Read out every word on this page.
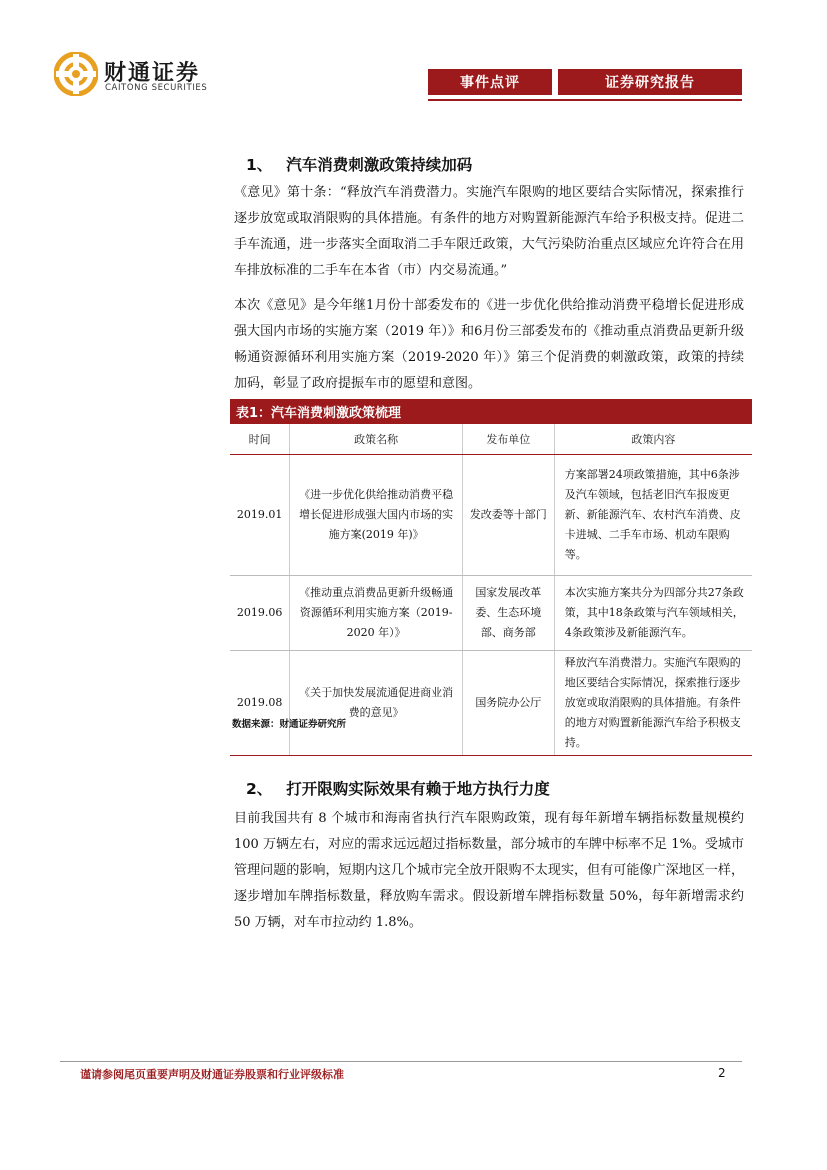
财通证券
CAITONG SECURITIES	事件点评	证券研究报告
1、 汽车消费刺激政策持续加码

《意见》第十条：“释放汽车消费潜力。实施汽车限购的地区要结合实际情况，探索推行逐步放宽或取消限购的具体措施。有条件的地方对购置新能源汽车给予积极支持。促进二手车流通，进一步落实全面取消二手车限迁政策，大气污染防治重点区域应允许符合在用车排放标准的二手车在本省（市）内交易流通。”

本次《意见》是今年继1月份十部委发布的《进一步优化供给推动消费平稳增长促进形成强大国内市场的实施方案（2019 年）》和6月份三部委发布的《推动重点消费品更新升级 畅通资源循环利用实施方案（2019-2020 年）》第三个促消费的刺激政策，政策的持续加码，彰显了政府提振车市的愿望和意图。

表1：汽车消费刺激政策梳理
时间	政策名称	发布单位	政策内容
2019.01	《进一步优化供给推动消费平稳增长促进形成强大国内市场的实施方案(2019 年)》	发改委等十部门	方案部署24项政策措施，其中6条涉及汽车领域，包括老旧汽车报废更新、新能源汽车、农村汽车消费、皮卡进城、二手车市场、机动车限购等。
2019.06	《推动重点消费品更新升级畅通资源循环利用实施方案（2019-2020 年）》	国家发展改革委、生态环境部、商务部	本次实施方案共分为四部分共27条政策，其中18条政策与汽车领域相关，4条政策涉及新能源汽车。
2019.08	《关于加快发展流通促进商业消费的意见》	国务院办公厅	释放汽车消费潜力。实施汽车限购的地区要结合实际情况，探索推行逐步放宽或取消限购的具体措施。有条件的地方对购置新能源汽车给予积极支持。
数据来源：财通证券研究所
2、 打开限购实际效果有赖于地方执行力度

目前我国共有 8 个城市和海南省执行汽车限购政策，现有每年新增车辆指标数量规模约 100 万辆左右，对应的需求远远超过指标数量，部分城市的车牌中标率不足 1%。受城市管理问题的影响，短期内这几个城市完全放开限购不太现实，但有可能像广深地区一样，逐步增加车牌指标数量，释放购车需求。假设新增车牌指标数量 50%，每年新增需求约 50 万辆，对车市拉动约 1.8%。

谨请参阅尾页重要声明及财通证券股票和行业评级标准	2
